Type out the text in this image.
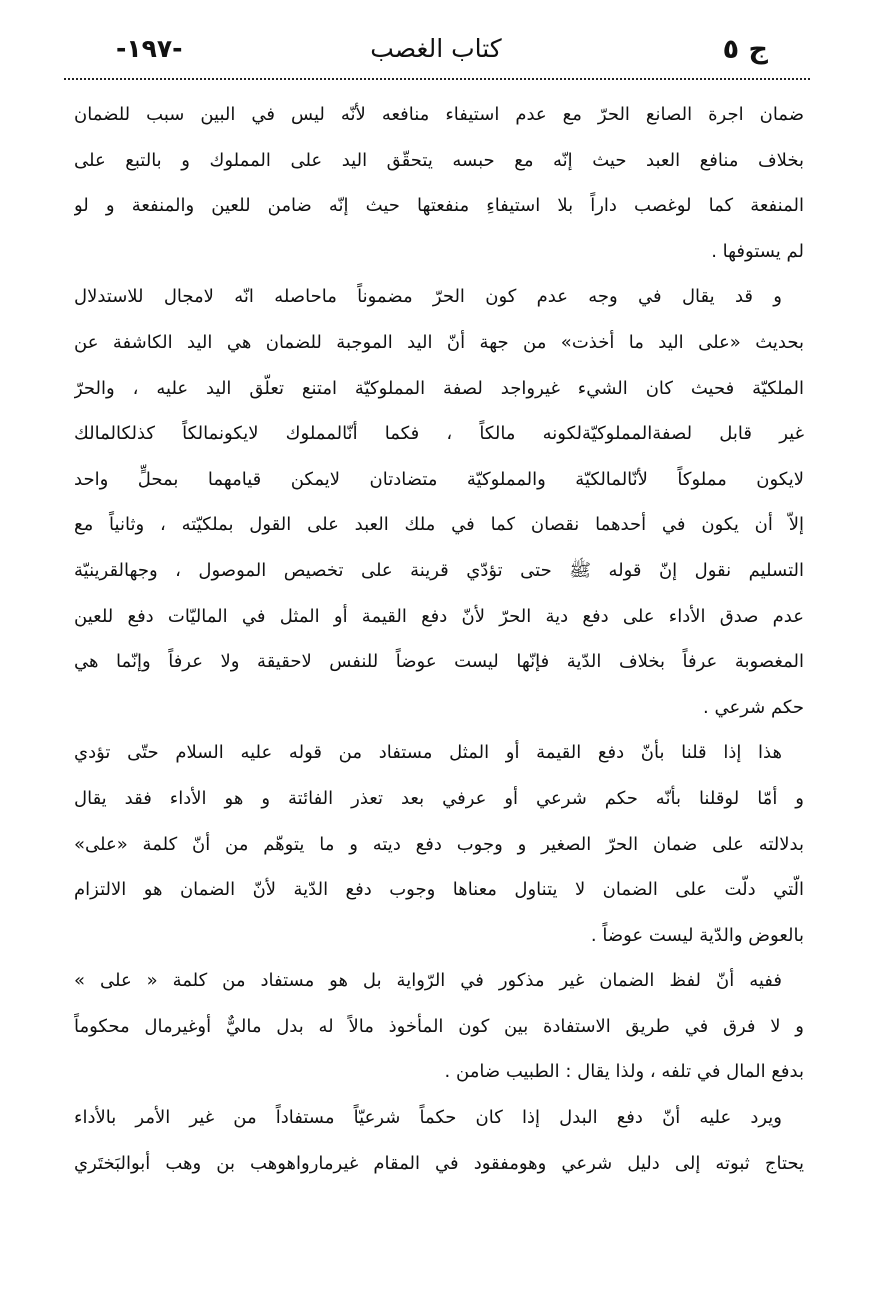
ج ٥
كتاب الغصب
-١٩٧-
ضمان اجرة الصانع الحرّ مع عدم استيفاء منافعه لأنّه ليس في البين سبب للضمان
بخلاف منافع العبد حيث إنّه مع حبسه يتحقّق اليد على المملوك و بالتبع على
المنفعة كما لوغصب داراً بلا استيفاءِ منفعتها حيث إنّه ضامن للعين والمنفعة و لو
لم يستوفها .
و قد يقال في وجه عدم كون الحرّ مضموناً ماحاصله انّه لامجال للاستدلال
بحديث «على اليد ما أخذت» من جهة أنّ اليد الموجبة للضمان هي اليد الكاشفة عن
الملكيّة فحيث كان الشيء غيرواجد لصفة المملوكيّة امتنع تعلّق اليد عليه ، والحرّ
غير قابل لصفةالمملوكيّةلكونه مالكاً ، فكما أنّالمملوك لايكونمالكاً كذلكالمالك
لايكون مملوكاً لأنّالمالكيّة والمملوكيّة متضادتان لايمكن قيامهما بمحلٍّ واحد
إلاّ أن يكون في أحدهما نقصان كما في ملك العبد على القول بملكيّته ، وثانياً مع
التسليم نقول إنّ قوله ﷺ حتى تؤدّي قرينة على تخصيص الموصول ، وجهالقرينيّة
عدم صدق الأداء على دفع دية الحرّ لأنّ دفع القيمة أو المثل في الماليّات دفع للعين
المغصوبة عرفاً بخلاف الدّية فإنّها ليست عوضاً للنفس لاحقيقة ولا عرفاً وإنّما هي
حكم شرعي .
هذا إذا قلنا بأنّ دفع القيمة أو المثل مستفاد من قوله عليه السلام حتّى تؤدي
و أمّا لوقلنا بأنّه حكم شرعي أو عرفي بعد تعذر الفائتة و هو الأداء فقد يقال
بدلالته على ضمان الحرّ الصغير و وجوب دفع ديته و ما يتوهّم من أنّ كلمة «على»
الّتي دلّت على الضمان لا يتناول معناها وجوب دفع الدّية لأنّ الضمان هو الالتزام
بالعوض والدّية ليست عوضاً .
ففيه أنّ لفظ الضمان غير مذكور في الرّواية بل هو مستفاد من كلمة « على »
و لا فرق في طريق الاستفادة بين كون المأخوذ مالاً له بدل ماليٌّ أوغيرمال محكوماً
بدفع المال في تلفه ، ولذا يقال : الطبيب ضامن .
ويرد عليه أنّ دفع البدل إذا كان حكماً شرعيّاً مستفاداً من غير الأمر بالأداء
يحتاج ثبوته إلى دليل شرعي وهومفقود في المقام غيرمارواهوهب بن وهب أبوالبَختَري
